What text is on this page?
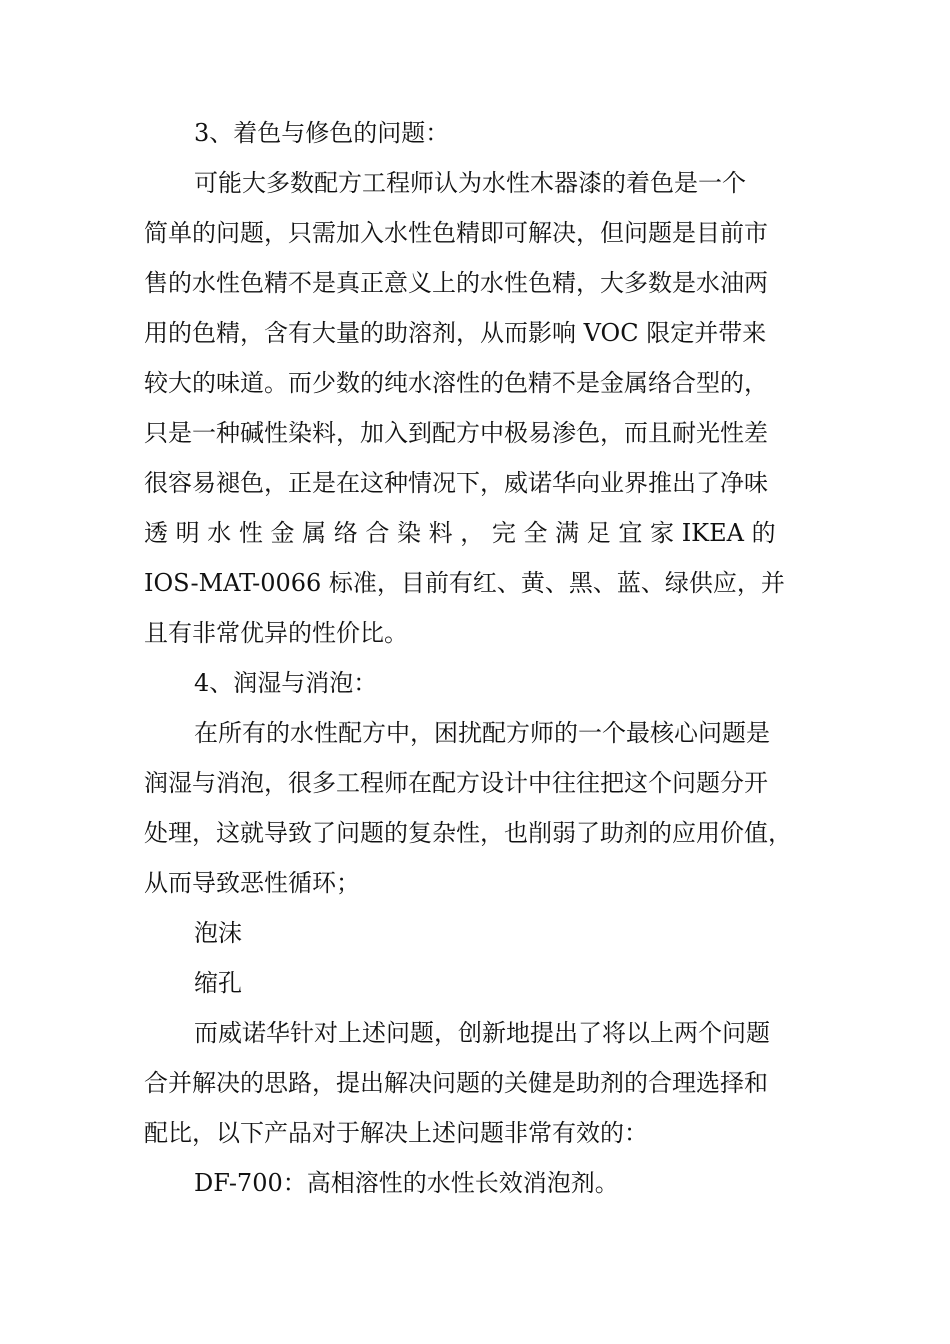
3、着色与修色的问题：
可能大多数配方工程师认为水性木器漆的着色是一个
简单的问题，只需加入水性色精即可解决，但问题是目前市
售的水性色精不是真正意义上的水性色精，大多数是水油两
用的色精，含有大量的助溶剂，从而影响 VOC 限定并带来
较大的味道。而少数的纯水溶性的色精不是金属络合型的，
只是一种碱性染料，加入到配方中极易渗色，而且耐光性差
很容易褪色，正是在这种情况下，威诺华向业界推出了净味
透 明 水 性 金 属 络 合 染 料 ， 完 全 满 足 宜 家 IKEA 的
IOS-MAT-0066 标准，目前有红、黄、黑、蓝、绿供应，并
且有非常优异的性价比。
4、润湿与消泡：
在所有的水性配方中，困扰配方师的一个最核心问题是
润湿与消泡，很多工程师在配方设计中往往把这个问题分开
处理，这就导致了问题的复杂性，也削弱了助剂的应用价值，
从而导致恶性循环；
泡沫
缩孔
而威诺华针对上述问题，创新地提出了将以上两个问题
合并解决的思路，提出解决问题的关健是助剂的合理选择和
配比，以下产品对于解决上述问题非常有效的：
DF-700：高相溶性的水性长效消泡剂。
